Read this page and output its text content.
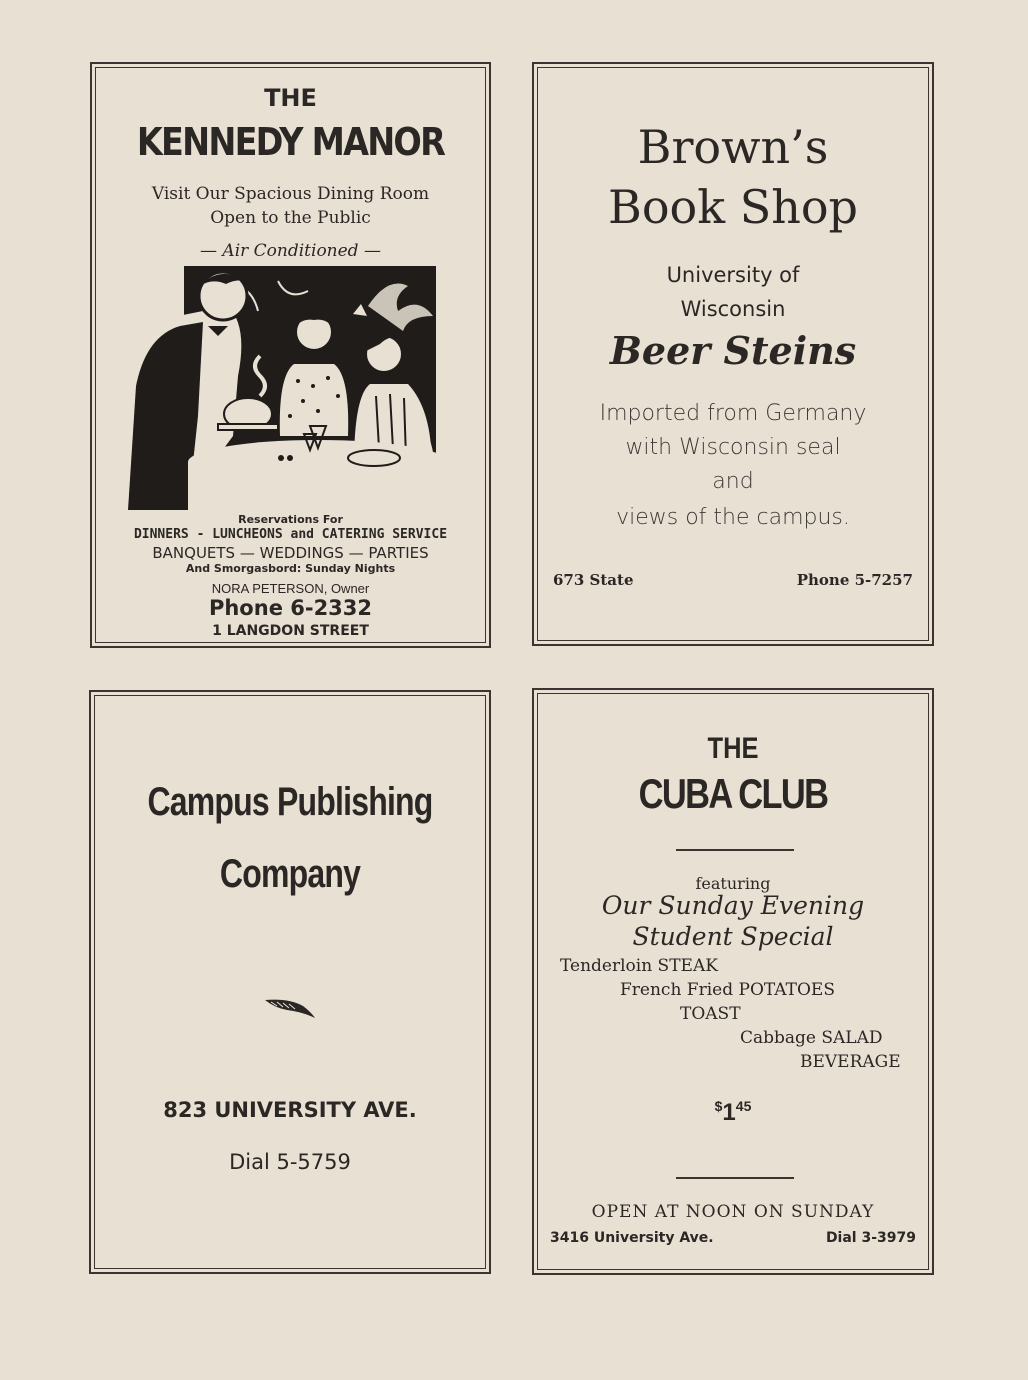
THE
KENNEDY MANOR
Visit Our Spacious Dining Room
Open to the Public
— Air Conditioned —
Reservations For
DINNERS - LUNCHEONS and CATERING SERVICE
BANQUETS — WEDDINGS — PARTIES
And Smorgasbord: Sunday Nights
NORA PETERSON, Owner
Phone 6-2332
1 LANGDON STREET
Brown’s
Book Shop
University of
Wisconsin
Beer Steins
Imported from Germany
with Wisconsin seal
and
views of the campus.
673 State	Phone 5-7257
Campus Publishing
Company
823 UNIVERSITY AVE.
Dial 5-5759
THE
CUBA CLUB
featuring
Our Sunday Evening
Student Special
Tenderloin STEAK
French Fried POTATOES
TOAST
Cabbage SALAD
BEVERAGE
$^{\$}1^{45}$
OPEN AT NOON ON SUNDAY
3416 University Ave.	Dial 3-3979
